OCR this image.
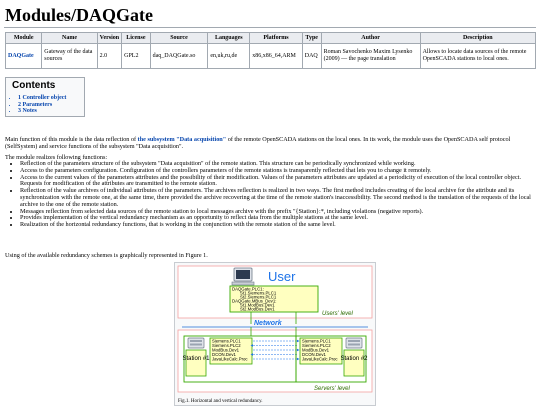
Modules/DAQGate
Module	Name	Version	License	Source	Languages	Platforms	Type	Author	Description
DAQGate	Gateway of the data sources	2.0	GPL2	daq_DAQGate.so	en,uk,ru,de	x86,x86_64,ARM	DAQ	Roman Savochenko Maxim Lysenko (2009) — the page translation	Allows to locate data sources of the remote OpenSCADA stations to local ones.
Contents
• 1 Controller object
• 2 Parameters
• 3 Notes
Main function of this module is the data reflection of the subsystem "Data acquisition" of the remote OpenSCADA stations on the local ones. In its work, the module uses the OpenSCADA self protocol (SelfSystem) and service functions of the subsystem "Data acquisition".
The module realizes following functions:
• Reflection of the parameters structure of the subsystem "Data acquisition" of the remote station. This structure can be periodically synchronized while working.
• Access to the parameters configuration. Configuration of the controllers parameters of the remote stations is transparently reflected that lets you to change it remotely.
• Access to the current values of the parameters attributes and the possibility of their modification. Values of the parameters attributes are updated at a periodicity of execution of the local controller object. Requests for modification of the attributes are transmitted to the remote station.
• Reflection of the value archives of individual attributes of the parameters. The archives reflection is realized in two ways. The first method includes creating of the local archive for the attribute and its synchronization with the remote one, at the same time, there provided the archive recovering at the time of the remote station's inaccessibility. The second method is the translation of the requests of the local archive to the one of the remote station.
• Messages reflection from selected data sources of the remote station to local messages archive with the prefix "{Station}:*, including violations (negative reports).
• Provides implementation of the vertical redundancy mechanism as an opportunity to reflect data from the multiple stations at the same level.
• Realization of the horizontal redundancy functions, that is working in the conjunction with the remote station of the same level.
Using of the available redundancy schemes is graphically represented in Figure 1.
User
DAQGate.PLC1:
St1.Siemens.PLC1
St2.Siemens.PLC1
DAQGate.MBus_Dev1:
St1.ModBus.Dev1
St2.ModBus.Dev1
Users' level
Network
Station #1
Siemens.PLC1
Siemens.PLC2
ModBus.Dev1
DCON.Dev1
JavaLikeCalc.Proc
Siemens.PLC1
Siemens.PLC2
ModBus.Dev1
DCON.Dev1
JavaLikeCalc.Proc Station #2
Servers' level
Fig.1. Horizontal and vertical redundancy.
